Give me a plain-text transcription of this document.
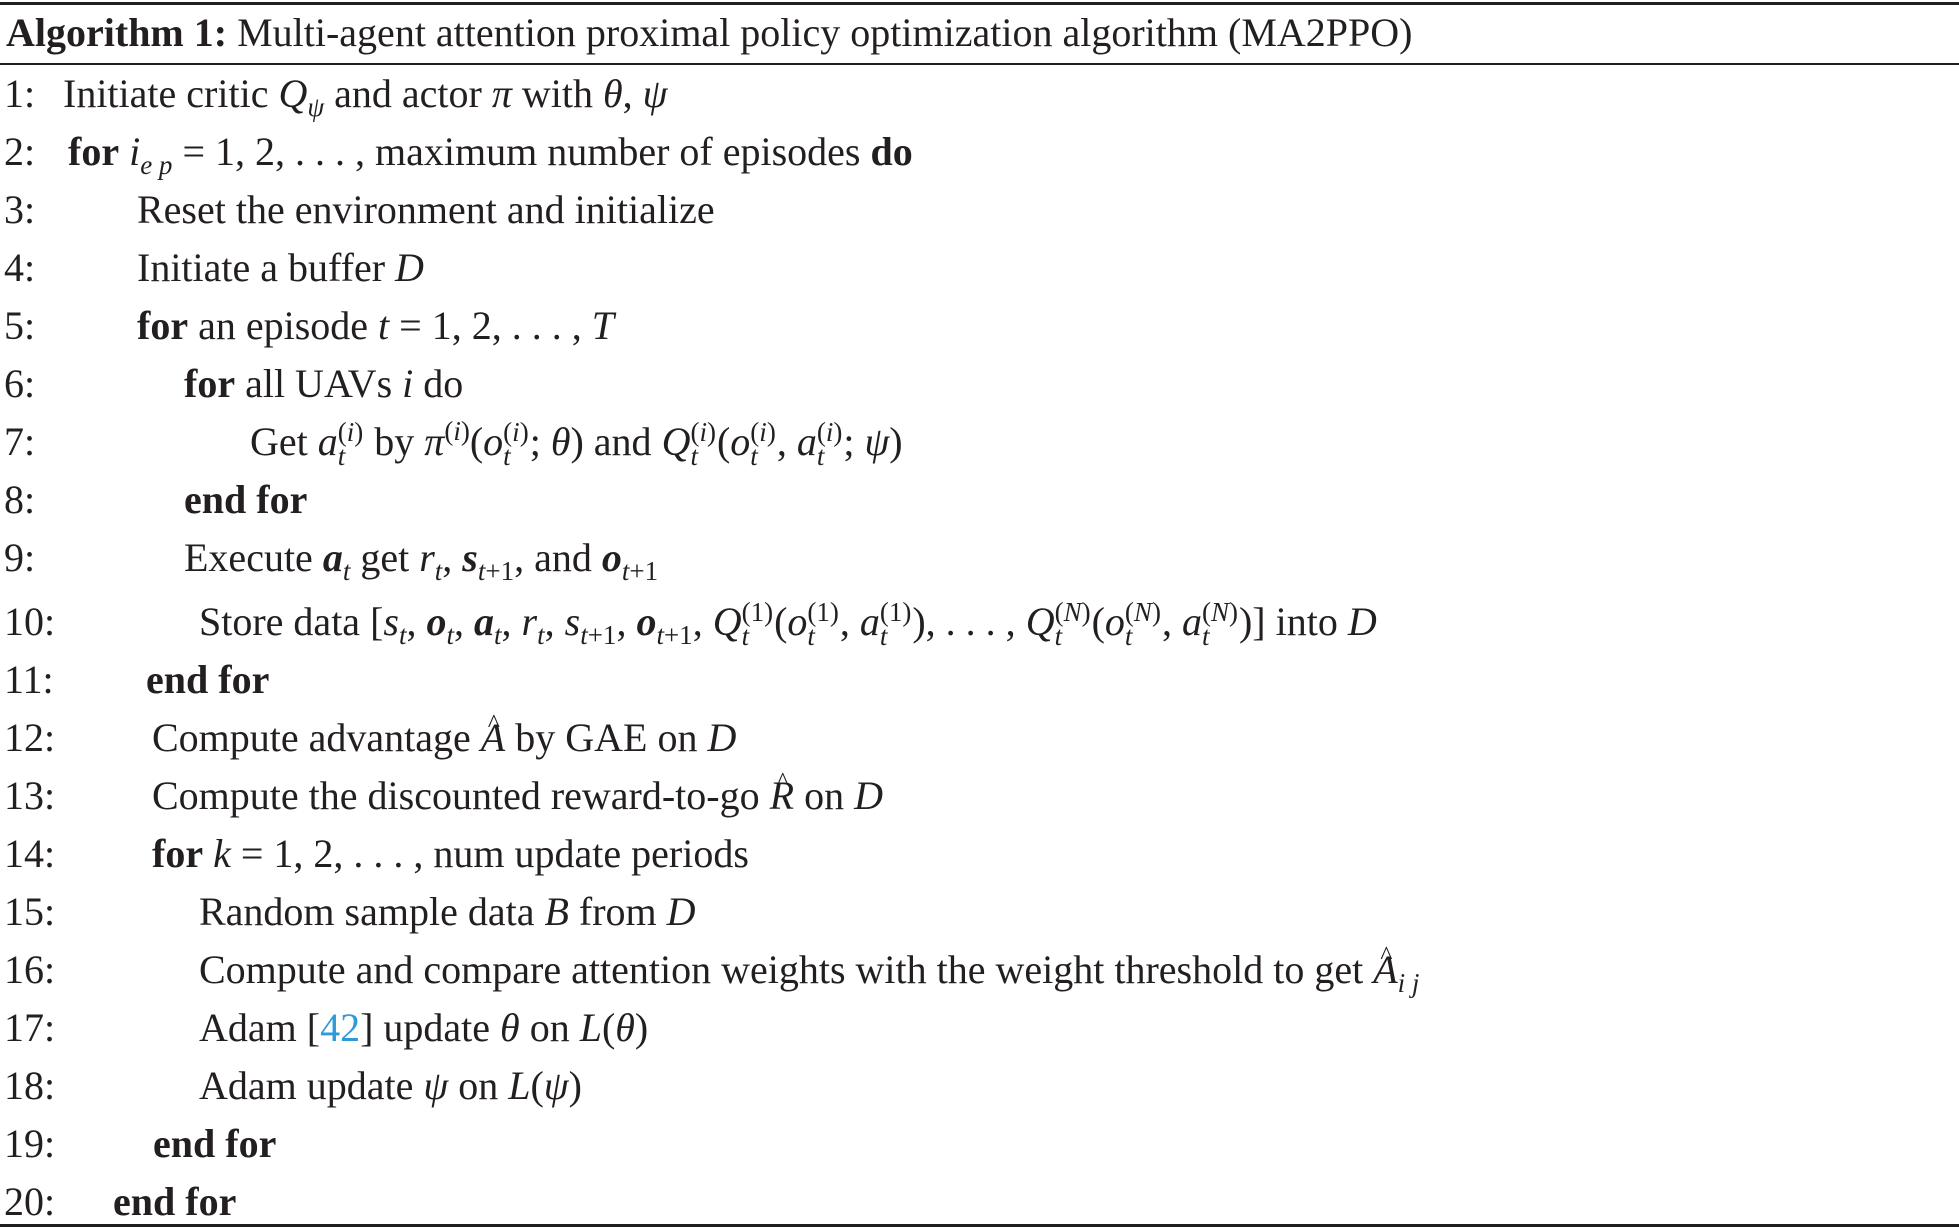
Algorithm 1: Multi-agent attention proximal policy optimization algorithm (MA2PPO)
1: Initiate critic $Q_\psi$ and actor π with θ, ψ
2: for $i_{e p} = 1$, 2, . . . , maximum number of episodes do
3:	Reset the environment and initialize
4:	Initiate a buffer D
5:	for an episode t = 1, 2, . . . , T
6:	for all UAVs i do
7:	Get a (i)
t by $\pi^{(i)}(o$ (i)
t ; θ) and Q (i)
t (o (i)
t , a (i)
t ; ψ)
8:	end for
9:	Execute $a_t$ get $r_t$, $s_{t+1}$, and $o_{t+1}$
10:	Store data [$s_t$, $o_t$, $a_t$, $r_t$, $s_{t+1}$, $o_{t+1}$, Q (1)
t (o (1)
t , a (1)
t ), . . . , Q (N)
t (o (N)
t , a (N)
t )] into D
11: end for
12: Compute advantage ^ A by GAE on D
13: Compute the discounted reward-to-go ^ R on D
14: for k = 1, 2, . . . , num update periods
15:	Random sample data B from D
16:	Compute and compare attention weights with the weight threshold to get ^ $A_{i j}$
17:	Adam [42] update θ on L(θ)
18:	Adam update ψ on L(ψ)
19: end for
20: end for
